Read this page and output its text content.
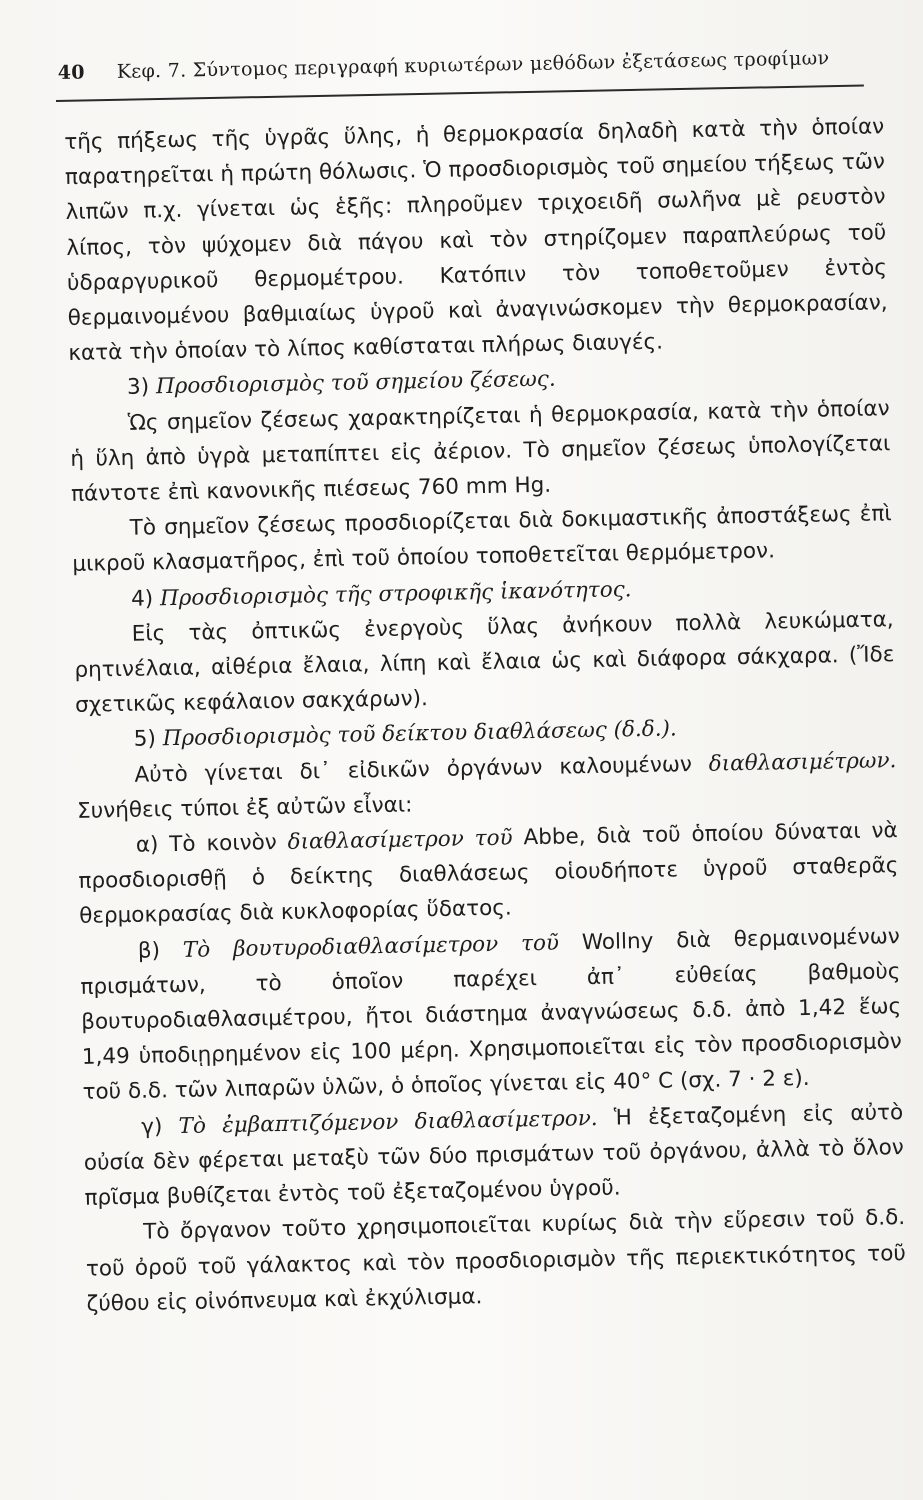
40 Κεφ. 7. Σύντομος περιγραφή κυριωτέρων μεθόδων ἐξετάσεως τροφίμων

τῆς πήξεως τῆς ὑγρᾶς ὕλης, ἡ θερμοκρασία δηλαδὴ κατὰ τὴν ὁποίαν παρατηρεῖται ἡ πρώτη θόλωσις. Ὁ προσδιορισμὸς τοῦ σημείου τήξεως τῶν λιπῶν π.χ. γίνεται ὡς ἑξῆς: πληροῦμεν τριχοειδῆ σωλῆνα μὲ ρευστὸν λίπος, τὸν ψύχομεν διὰ πάγου καὶ τὸν στηρίζομεν παραπλεύρως τοῦ ὑδραργυρικοῦ θερμομέτρου. Κατόπιν τὸν τοποθετοῦμεν ἐντὸς θερμαινομένου βαθμιαίως ὑγροῦ καὶ ἀναγινώσκομεν τὴν θερμοκρασίαν, κατὰ τὴν ὁποίαν τὸ λίπος καθίσταται πλήρως διαυγές.

3) Προσδιορισμὸς τοῦ σημείου ζέσεως.

Ὡς σημεῖον ζέσεως χαρακτηρίζεται ἡ θερμοκρασία, κατὰ τὴν ὁποίαν ἡ ὕλη ἀπὸ ὑγρὰ μεταπίπτει εἰς ἀέριον. Τὸ σημεῖον ζέσεως ὑπολογίζεται πάντοτε ἐπὶ κανονικῆς πιέσεως 760 mm Hg.

Τὸ σημεῖον ζέσεως προσδιορίζεται διὰ δοκιμαστικῆς ἀποστάξεως ἐπὶ μικροῦ κλασματῆρος, ἐπὶ τοῦ ὁποίου τοποθετεῖται θερμόμετρον.

4) Προσδιορισμὸς τῆς στροφικῆς ἱκανότητος.

Εἰς τὰς ὀπτικῶς ἐνεργοὺς ὕλας ἀνήκουν πολλὰ λευκώματα, ρητινέλαια, αἰθέρια ἔλαια, λίπη καὶ ἔλαια ὡς καὶ διάφορα σάκχαρα. (Ἴδε σχετικῶς κεφάλαιον σακχάρων).

5) Προσδιορισμὸς τοῦ δείκτου διαθλάσεως (δ.δ.).

Αὐτὸ γίνεται δι᾽ εἰδικῶν ὀργάνων καλουμένων διαθλασιμέτρων. Συνήθεις τύποι ἐξ αὐτῶν εἶναι:

α) Τὸ κοινὸν διαθλασίμετρον τοῦ Abbe, διὰ τοῦ ὁποίου δύναται νὰ προσδιορισθῇ ὁ δείκτης διαθλάσεως οἱουδήποτε ὑγροῦ σταθερᾶς θερμοκρασίας διὰ κυκλοφορίας ὕδατος.

β) Τὸ βουτυροδιαθλασίμετρον τοῦ Wollny διὰ θερμαινομένων πρισμάτων, τὸ ὁποῖον παρέχει ἀπ᾽ εὐθείας βαθμοὺς βουτυροδιαθλασιμέτρου, ἤτοι διάστημα ἀναγνώσεως δ.δ. ἀπὸ 1,42 ἕως 1,49 ὑποδιῃρημένον εἰς 100 μέρη. Χρησιμοποιεῖται εἰς τὸν προσδιορισμὸν τοῦ δ.δ. τῶν λιπαρῶν ὑλῶν, ὁ ὁποῖος γίνεται εἰς 40° C (σχ. 7 · 2 ε).

γ) Τὸ ἐμβαπτιζόμενον διαθλασίμετρον. Ἡ ἐξεταζομένη εἰς αὐτὸ οὐσία δὲν φέρεται μεταξὺ τῶν δύο πρισμάτων τοῦ ὀργάνου, ἀλλὰ τὸ ὅλον πρῖσμα βυθίζεται ἐντὸς τοῦ ἐξεταζομένου ὑγροῦ.

Τὸ ὄργανον τοῦτο χρησιμοποιεῖται κυρίως διὰ τὴν εὕρεσιν τοῦ δ.δ. τοῦ ὀροῦ τοῦ γάλακτος καὶ τὸν προσδιορισμὸν τῆς περιεκτικότητος τοῦ ζύθου εἰς οἰνόπνευμα καὶ ἐκχύλισμα.
